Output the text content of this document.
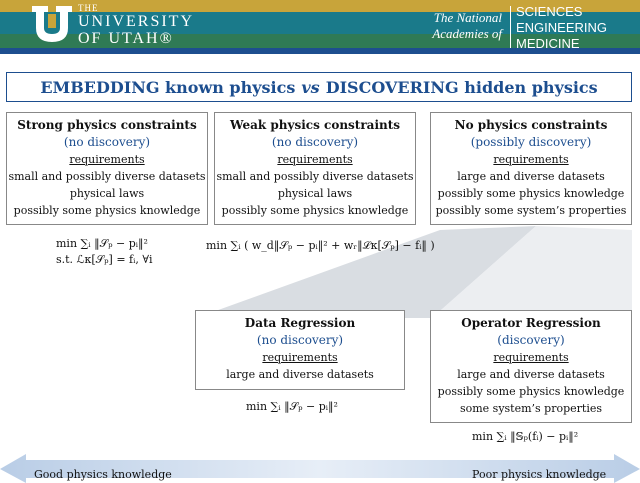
THE
UNIVERSITY
OF UTAH®
The National
Academies of
SCIENCES
ENGINEERING
MEDICINE
EMBEDDING known physics vs DISCOVERING hidden physics
Strong physics constraints
(no discovery)
requirements
small and possibly diverse datasets
physical laws
possibly some physics knowledge
Weak physics constraints
(no discovery)
requirements
small and possibly diverse datasets
physical laws
possibly some physics knowledge
No physics constraints
(possibly discovery)
requirements
large and diverse datasets
possibly some physics knowledge
possibly some system’s properties
min ∑ᵢ ‖𝒮ₚ − pᵢ‖²
s.t. ℒκ[𝒮ₚ] = fᵢ, ∀i
min ∑ᵢ ( w_d‖𝒮ₚ − pᵢ‖² + wᵣ‖ℒκ[𝒮ₚ] − fᵢ‖ )
Data Regression
(no discovery)
requirements
large and diverse datasets
Operator Regression
(discovery)
requirements
large and diverse datasets
possibly some physics knowledge
some system’s properties
min ∑ᵢ ‖𝒮ₚ − pᵢ‖²
min ∑ᵢ ‖𝕊ₚ(fᵢ) − pᵢ‖²
Good physics knowledge	Poor physics knowledge
